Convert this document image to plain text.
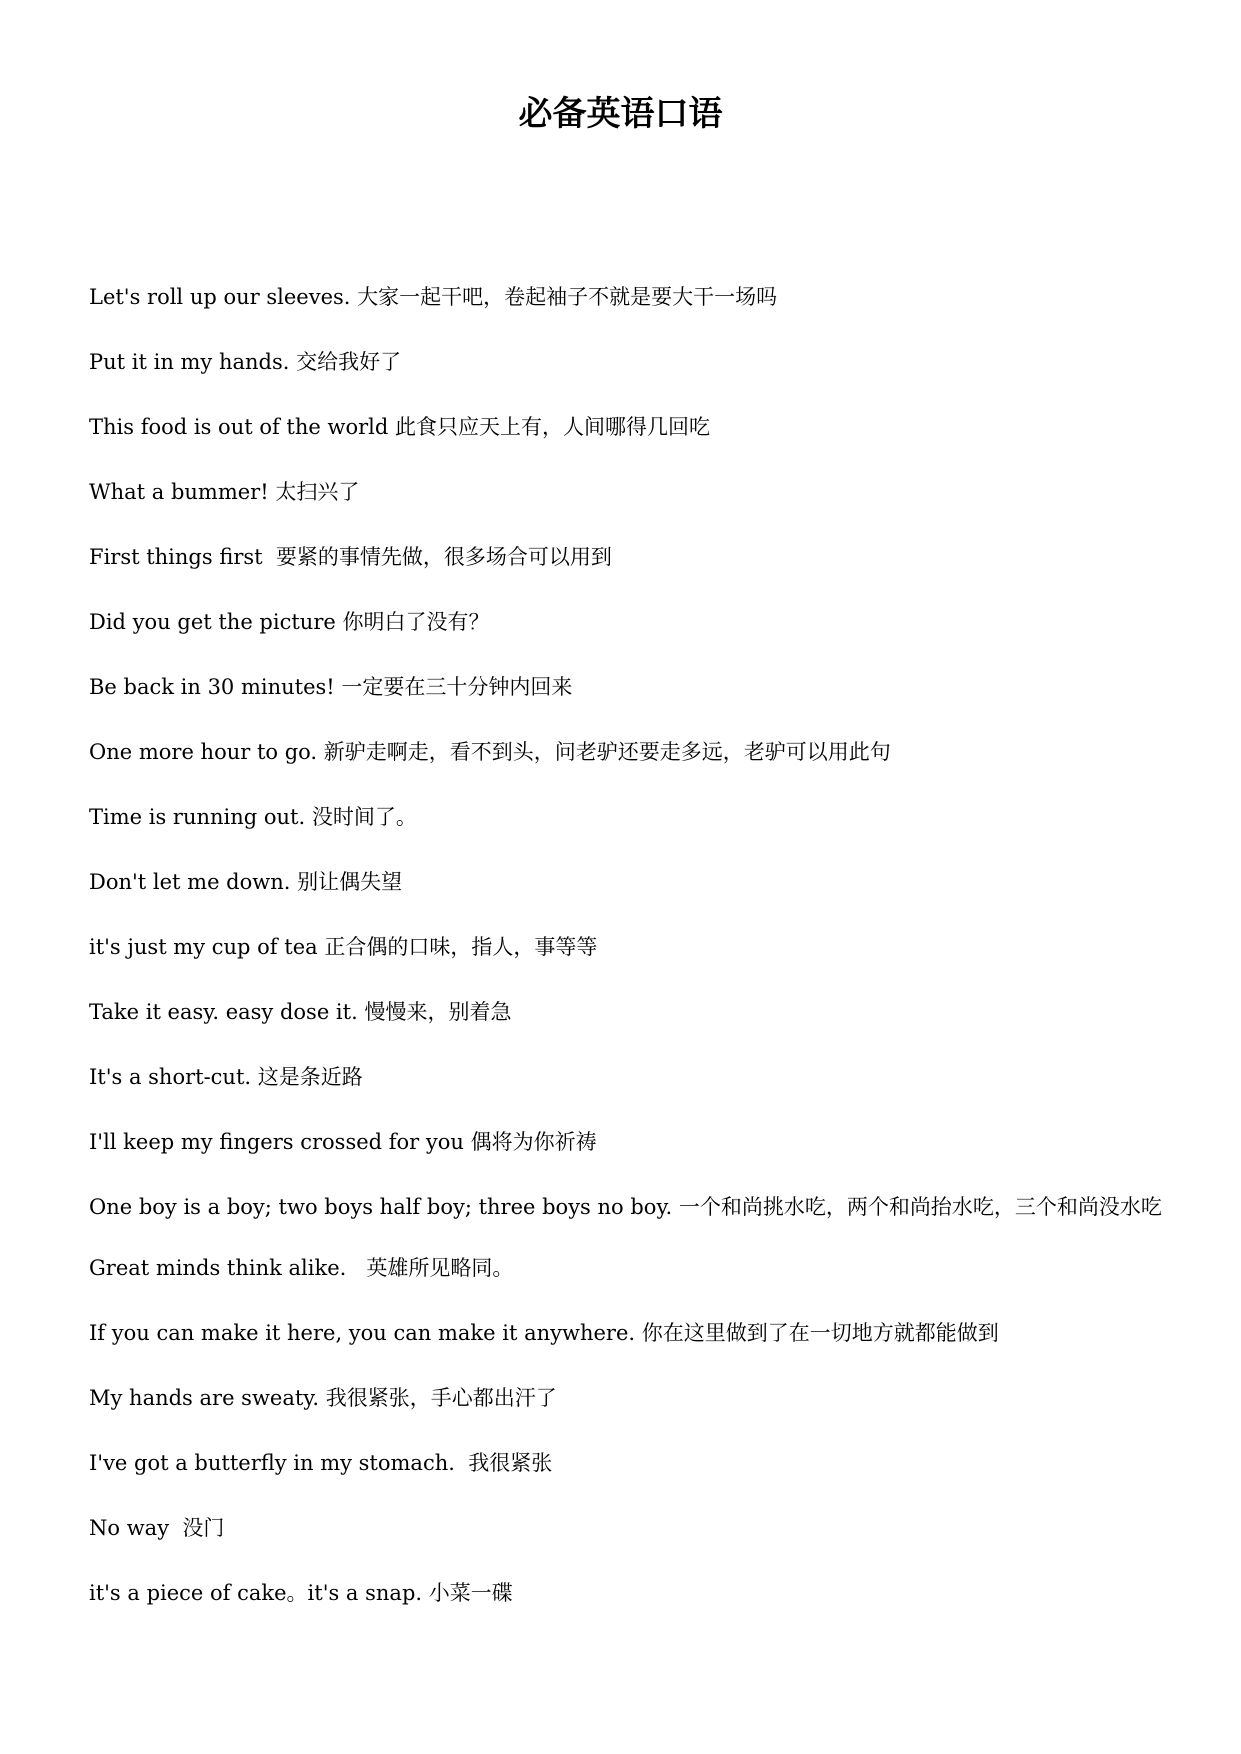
必备英语口语
Let's roll up our sleeves. 大家一起干吧，卷起袖子不就是要大干一场吗
Put it in my hands. 交给我好了
This food is out of the world 此食只应天上有，人间哪得几回吃
What a bummer! 太扫兴了
First things first  要紧的事情先做，很多场合可以用到
Did you get the picture 你明白了没有？
Be back in 30 minutes! 一定要在三十分钟内回来
One more hour to go. 新驴走啊走，看不到头，问老驴还要走多远，老驴可以用此句
Time is running out. 没时间了。
Don't let me down. 别让偶失望
it's just my cup of tea 正合偶的口味，指人，事等等
Take it easy. easy dose it. 慢慢来，别着急
It's a short-cut. 这是条近路
I'll keep my fingers crossed for you 偶将为你祈祷
One boy is a boy; two boys half boy; three boys no boy. 一个和尚挑水吃，两个和尚抬水吃，三个和尚没水吃
Great minds think alike.   英雄所见略同。
If you can make it here, you can make it anywhere. 你在这里做到了在一切地方就都能做到
My hands are sweaty. 我很紧张，手心都出汗了
I've got a butterfly in my stomach.  我很紧张
No way  没门
it's a piece of cake。it's a snap. 小菜一碟
